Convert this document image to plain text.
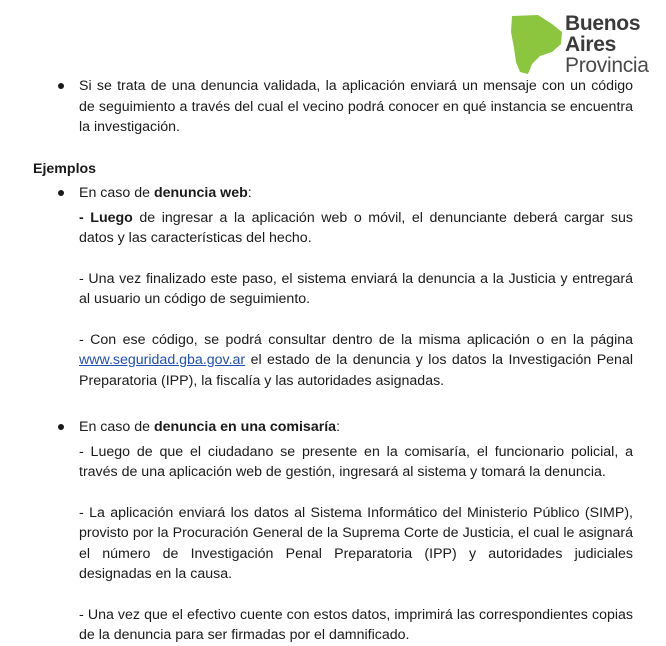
Buenos
Aires
Provincia
Si se trata de una denuncia validada, la aplicación enviará un mensaje con un código de seguimiento a través del cual el vecino podrá conocer en qué instancia se encuentra la investigación.
Ejemplos
En caso de denuncia web:
- Luego de ingresar a la aplicación web o móvil, el denunciante deberá cargar sus datos y las características del hecho.
- Una vez finalizado este paso, el sistema enviará la denuncia a la Justicia y entregará al usuario un código de seguimiento.
- Con ese código, se podrá consultar dentro de la misma aplicación o en la página www.seguridad.gba.gov.ar el estado de la denuncia y los datos la Investigación Penal Preparatoria (IPP), la fiscalía y las autoridades asignadas.
En caso de denuncia en una comisaría:
- Luego de que el ciudadano se presente en la comisaría, el funcionario policial, a través de una aplicación web de gestión, ingresará al sistema y tomará la denuncia.
- La aplicación enviará los datos al Sistema Informático del Ministerio Público (SIMP), provisto por la Procuración General de la Suprema Corte de Justicia, el cual le asignará el número de Investigación Penal Preparatoria (IPP) y autoridades judiciales designadas en la causa.
- Una vez que el efectivo cuente con estos datos, imprimirá las correspondientes copias de la denuncia para ser firmadas por el damnificado.
